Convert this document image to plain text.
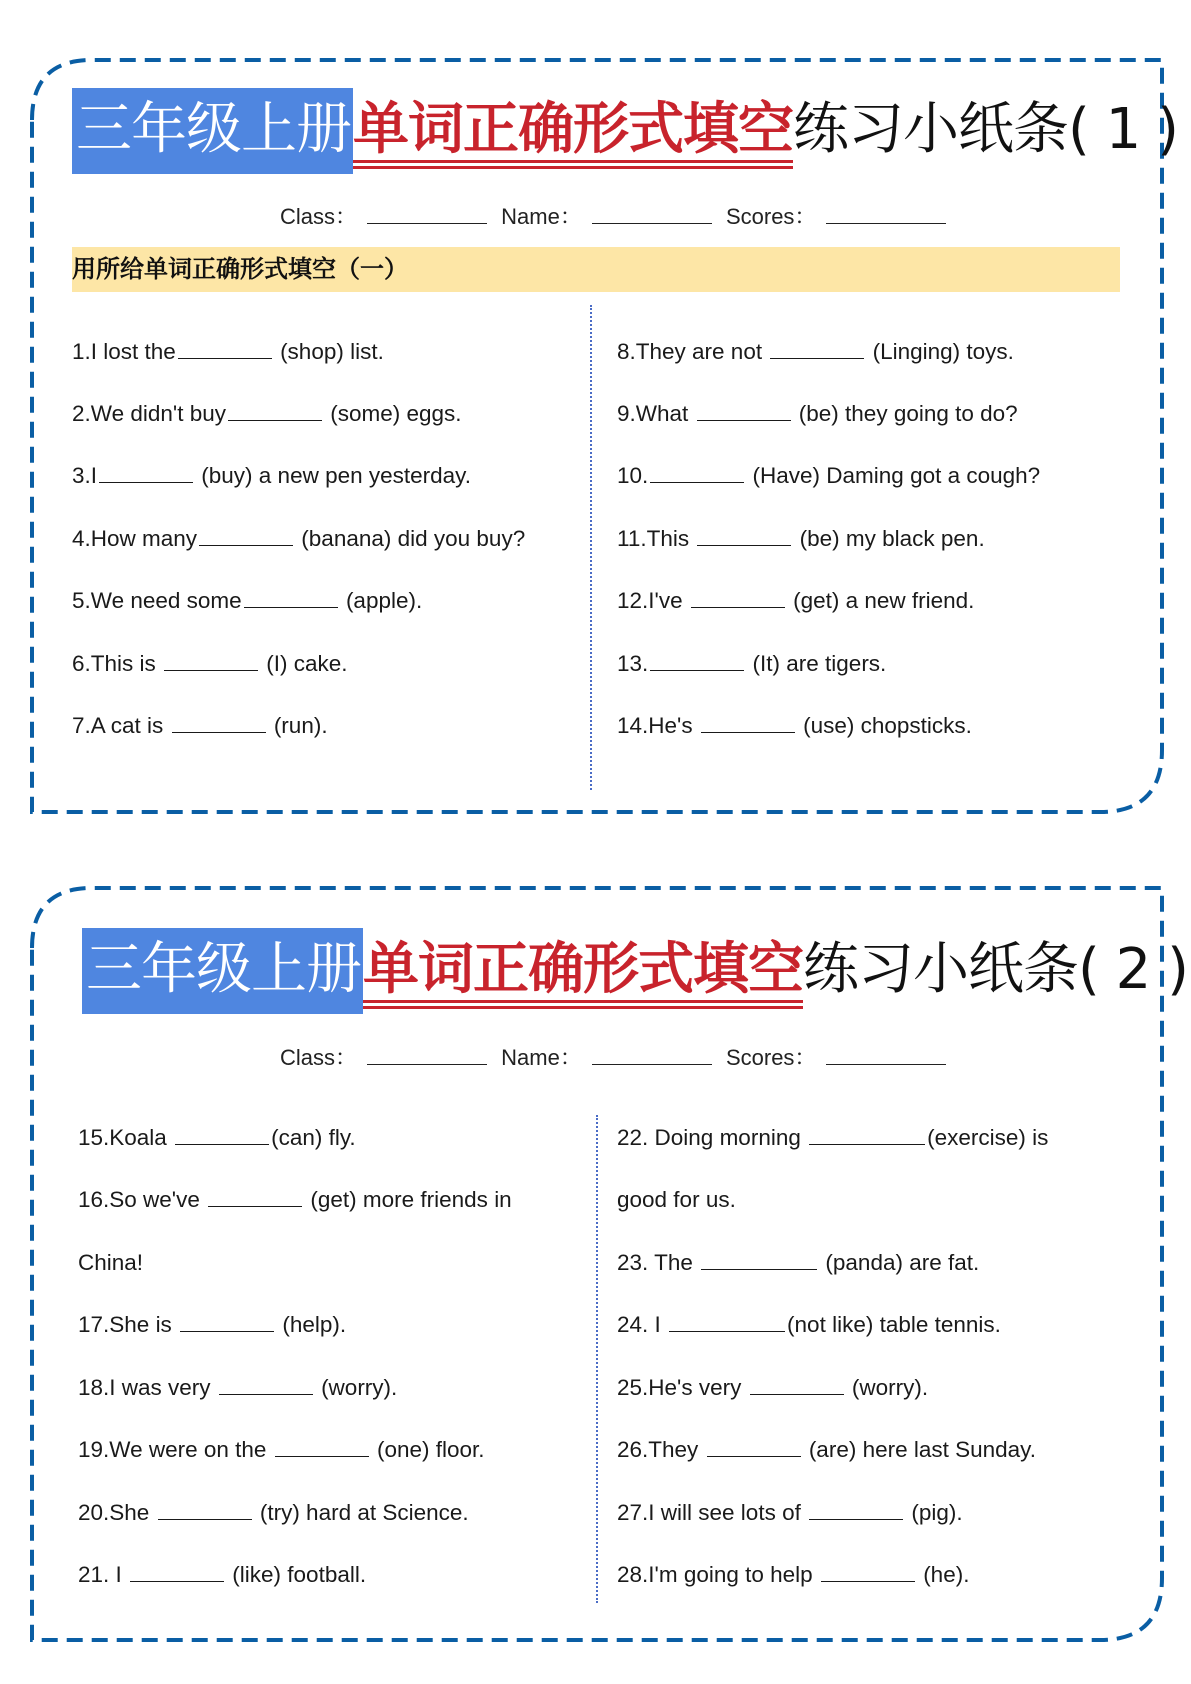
三年级上册单词正确形式填空练习小纸条( 1 )
Class：	Name：	Scores：
用所给单词正确形式填空（一）
1.I lost the	(shop) list.
2.We didn't buy	(some) eggs.
3.I	(buy) a new pen yesterday.
4.How many	(banana) did you buy?
5.We need some	(apple).
6.This is	(I) cake.
7.A cat is	(run).
8.They are not	(Linging) toys.
9.What	(be) they going to do?
10.	(Have) Daming got a cough?
11.This	(be) my black pen.
12.I've	(get) a new friend.
13.	(It) are tigers.
14.He's	(use) chopsticks.
三年级上册单词正确形式填空练习小纸条( 2 )
Class：	Name：	Scores：
15.Koala	(can) fly.
16.So we've	(get) more friends in
China!
17.She is	(help).
18.I was very	(worry).
19.We were on the	(one) floor.
20.She	(try) hard at Science.
21. I	(like) football.
22. Doing morning	(exercise) is
good for us.
23. The	(panda) are fat.
24. I	(not like) table tennis.
25.He's very	(worry).
26.They	(are) here last Sunday.
27.I will see lots of	(pig).
28.I'm going to help	(he).
